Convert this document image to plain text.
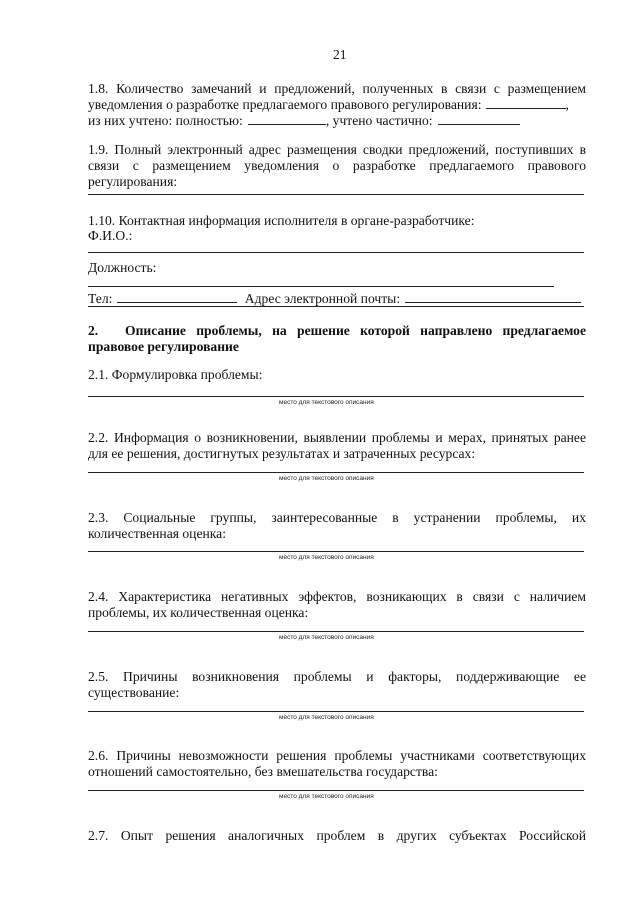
21
1.8. Количество замечаний и предложений, полученных в связи с размещением
уведомления о разработке предлагаемого правового регулирования:	,
из них учтено: полностью:	, учтено частично:
1.9. Полный электронный адрес размещения сводки предложений, поступивших в
связи с размещением уведомления о разработке предлагаемого правового
регулирования:
1.10. Контактная информация исполнителя в органе-разработчике:
Ф.И.О.:
Должность:
Тел:	Адрес электронной почты:
2. Описание проблемы, на решение которой направлено предлагаемое
правовое регулирование
2.1. Формулировка проблемы:
место для текстового описания
2.2. Информация о возникновении, выявлении проблемы и мерах, принятых ранее
для ее решения, достигнутых результатах и затраченных ресурсах:
место для текстового описания
2.3. Социальные группы, заинтересованные в устранении проблемы, их
количественная оценка:
место для текстового описания
2.4. Характеристика негативных эффектов, возникающих в связи с наличием
проблемы, их количественная оценка:
место для текстового описания
2.5. Причины возникновения проблемы и факторы, поддерживающие ее
существование:
место для текстового описания
2.6. Причины невозможности решения проблемы участниками соответствующих
отношений самостоятельно, без вмешательства государства:
место для текстового описания
2.7. Опыт решения аналогичных проблем в других субъектах Российской
